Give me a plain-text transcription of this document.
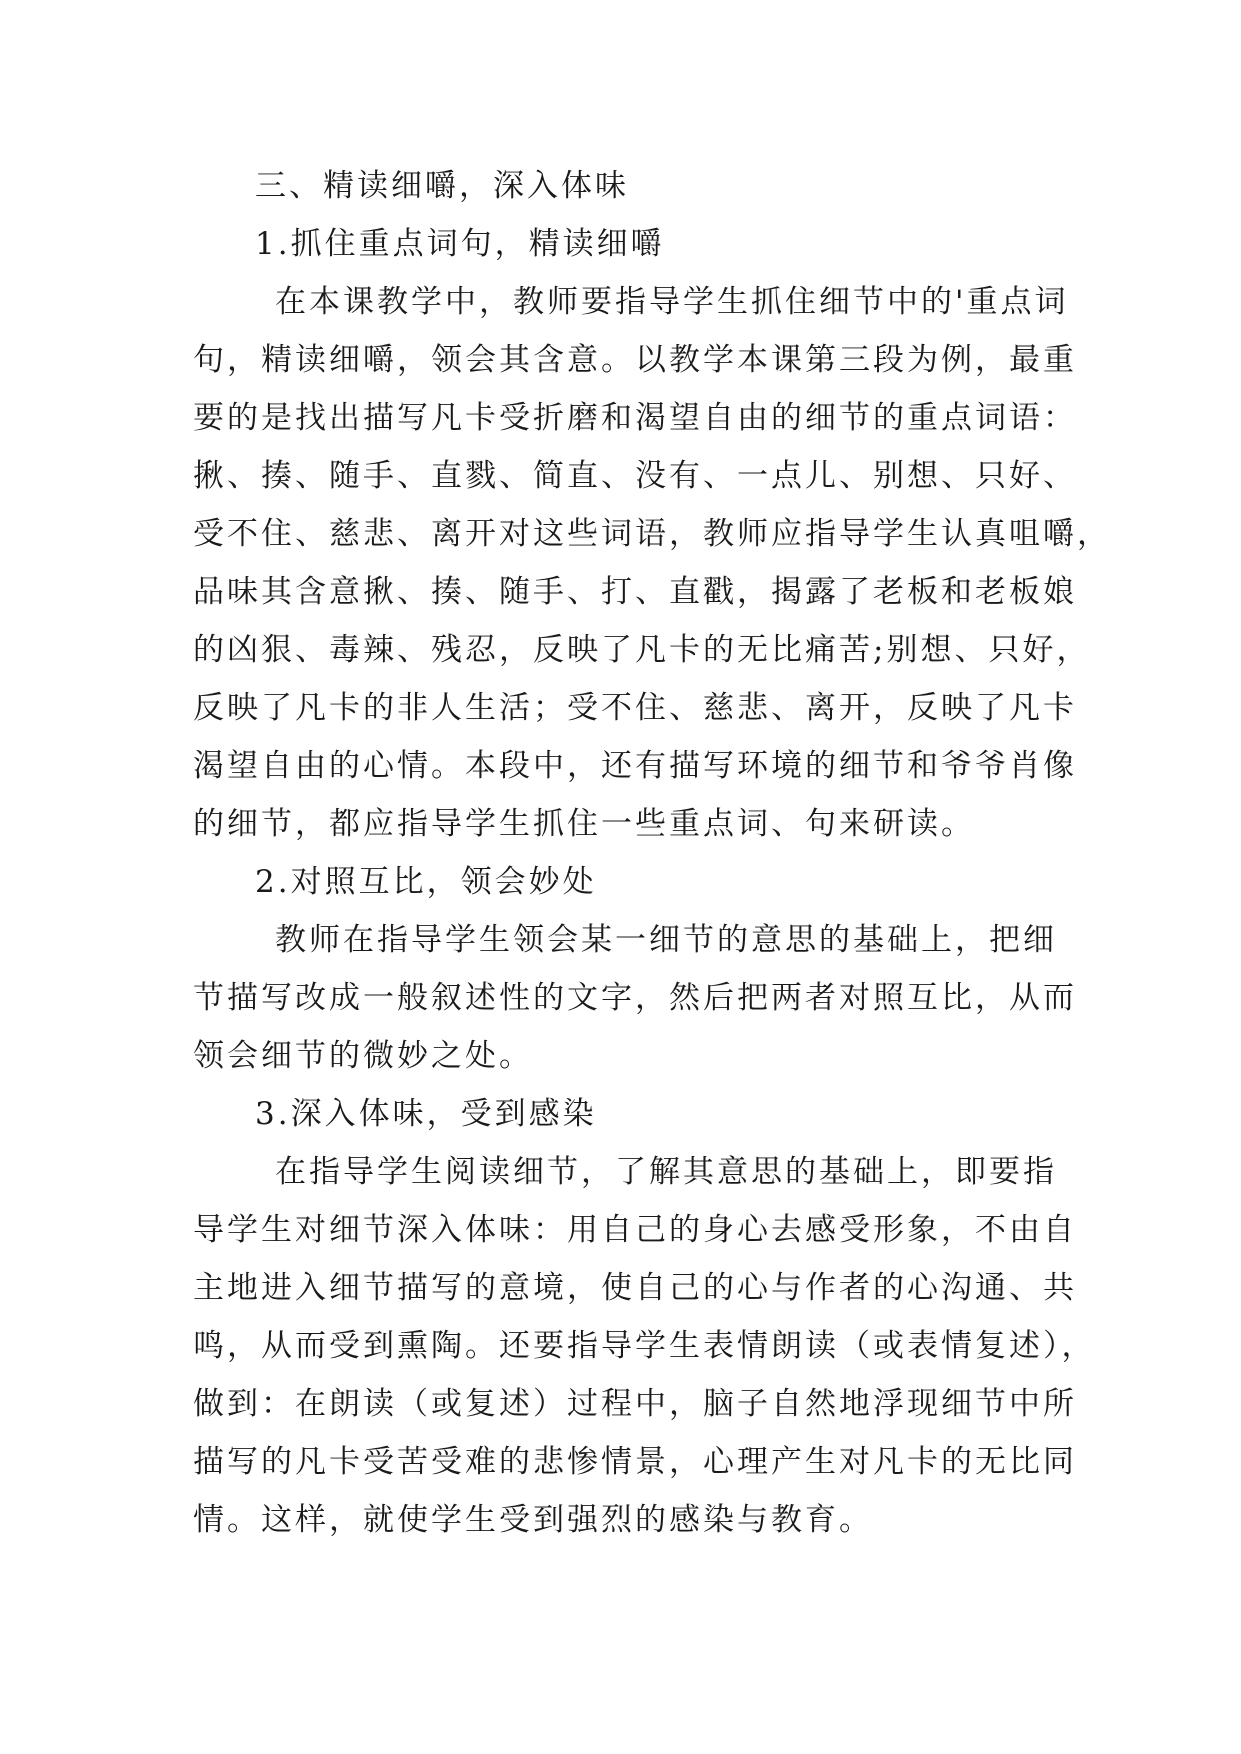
三、精读细嚼，深入体味
1.抓住重点词句，精读细嚼
在本课教学中，教师要指导学生抓住细节中的'重点词
句，精读细嚼，领会其含意。以教学本课第三段为例，最重
要的是找出描写凡卡受折磨和渴望自由的细节的重点词语：
揪、揍、随手、直戮、简直、没有、一点儿、别想、只好、
受不住、慈悲、离开对这些词语，教师应指导学生认真咀嚼，
品味其含意揪、揍、随手、打、直戳，揭露了老板和老板娘
的凶狠、毒辣、残忍，反映了凡卡的无比痛苦;别想、只好，
反映了凡卡的非人生活；受不住、慈悲、离开，反映了凡卡
渴望自由的心情。本段中，还有描写环境的细节和爷爷肖像
的细节，都应指导学生抓住一些重点词、句来研读。
2.对照互比，领会妙处
教师在指导学生领会某一细节的意思的基础上，把细
节描写改成一般叙述性的文字，然后把两者对照互比，从而
领会细节的微妙之处。
3.深入体味，受到感染
在指导学生阅读细节，了解其意思的基础上，即要指
导学生对细节深入体味：用自己的身心去感受形象，不由自
主地进入细节描写的意境，使自己的心与作者的心沟通、共
鸣，从而受到熏陶。还要指导学生表情朗读（或表情复述），
做到：在朗读（或复述）过程中，脑子自然地浮现细节中所
描写的凡卡受苦受难的悲惨情景，心理产生对凡卡的无比同
情。这样，就使学生受到强烈的感染与教育。
